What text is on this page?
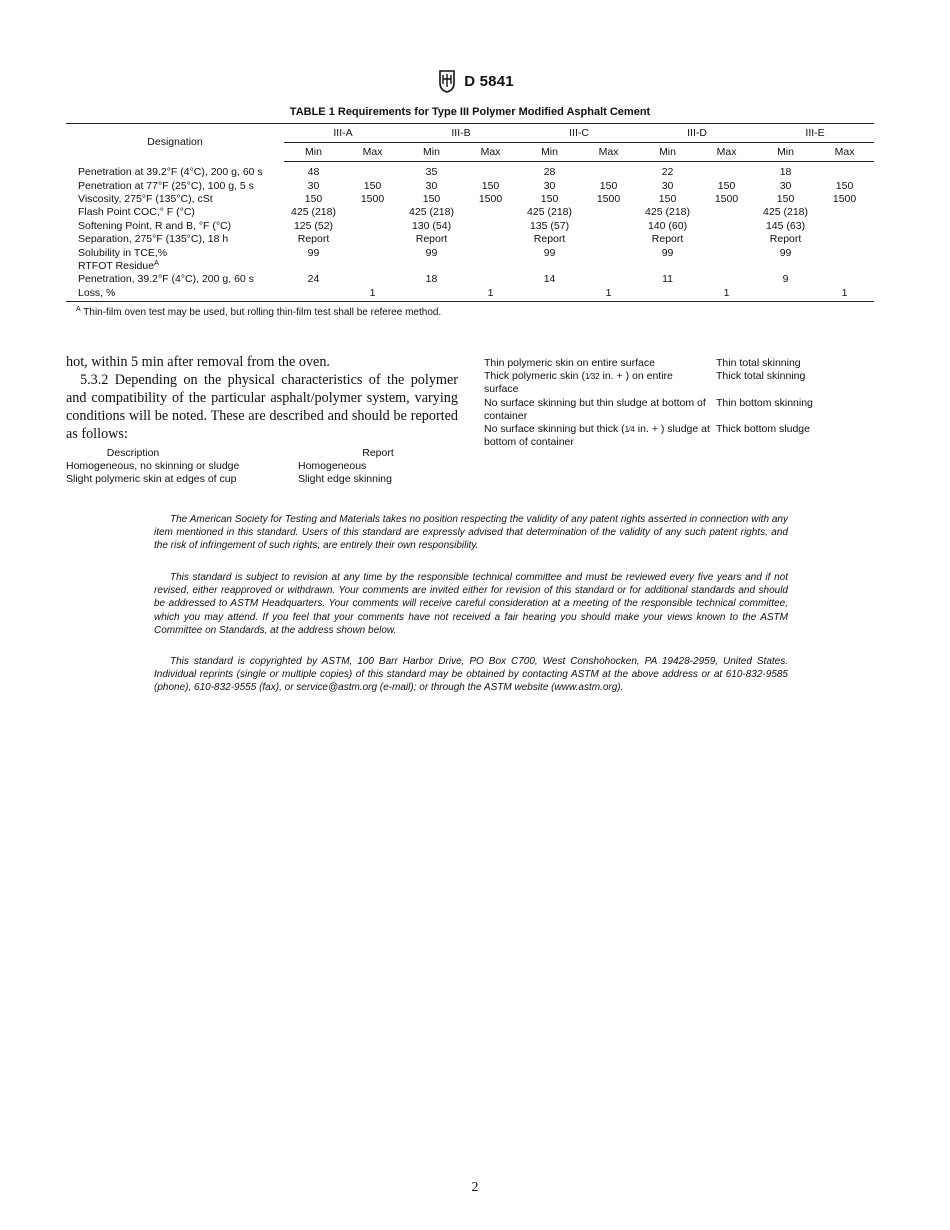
D 5841
TABLE 1 Requirements for Type III Polymer Modified Asphalt Cement
Designation	III-A		III-B		III-C		III-D		III-E	
	Min	Max	Min	Max	Min	Max	Min	Max	Min	Max
Penetration at 39.2°F (4°C), 200 g, 60 s	48		35		28		22		18	
Penetration at 77°F (25°C), 100 g, 5 s	30	150	30	150	30	150	30	150	30	150
Viscosity, 275°F (135°C), cSt	150	1500	150	1500	150	1500	150	1500	150	1500
Flash Point COC,° F (°C)	425 (218)		425 (218)		425 (218)		425 (218)		425 (218)	
Softening Point, R and B, °F (°C)	125 (52)		130 (54)		135 (57)		140 (60)		145 (63)	
Separation, 275°F (135°C), 18 h	Report		Report		Report		Report		Report	
Solubility in TCE,%	99		99		99		99		99	
RTFOT Residue$^A$										
Penetration, 39.2°F (4°C), 200 g, 60 s	24		18		14		11		9	
Loss, %		1		1		1		1		1
$^A$ Thin-film oven test may be used, but rolling thin-film test shall be referee method.

hot, within 5 min after removal from the oven.

5.3.2 Depending on the physical characteristics of the polymer and compatibility of the particular asphalt/polymer system, varying conditions will be noted. These are described and should be reported as follows:

Description	Report
Homogeneous, no skinning or sludge	Homogeneous
Slight polymeric skin at edges of cup	Slight edge skinning
Thin polymeric skin on entire surface	Thin total skinning
Thick polymeric skin (1⁄32 in. + ) on entire surface	Thick total skinning
No surface skinning but thin sludge at bottom of container	Thin bottom skinning
No surface skinning but thick (1⁄4 in. + ) sludge at bottom of container	Thick bottom sludge

The American Society for Testing and Materials takes no position respecting the validity of any patent rights asserted in connection with any item mentioned in this standard. Users of this standard are expressly advised that determination of the validity of any such patent rights, and the risk of infringement of such rights, are entirely their own responsibility.

This standard is subject to revision at any time by the responsible technical committee and must be reviewed every five years and if not revised, either reapproved or withdrawn. Your comments are invited either for revision of this standard or for additional standards and should be addressed to ASTM Headquarters. Your comments will receive careful consideration at a meeting of the responsible technical committee, which you may attend. If you feel that your comments have not received a fair hearing you should make your views known to the ASTM Committee on Standards, at the address shown below.

This standard is copyrighted by ASTM, 100 Barr Harbor Drive, PO Box C700, West Conshohocken, PA 19428-2959, United States. Individual reprints (single or multiple copies) of this standard may be obtained by contacting ASTM at the above address or at 610-832-9585 (phone), 610-832-9555 (fax), or service@astm.org (e-mail); or through the ASTM website (www.astm.org).

2
